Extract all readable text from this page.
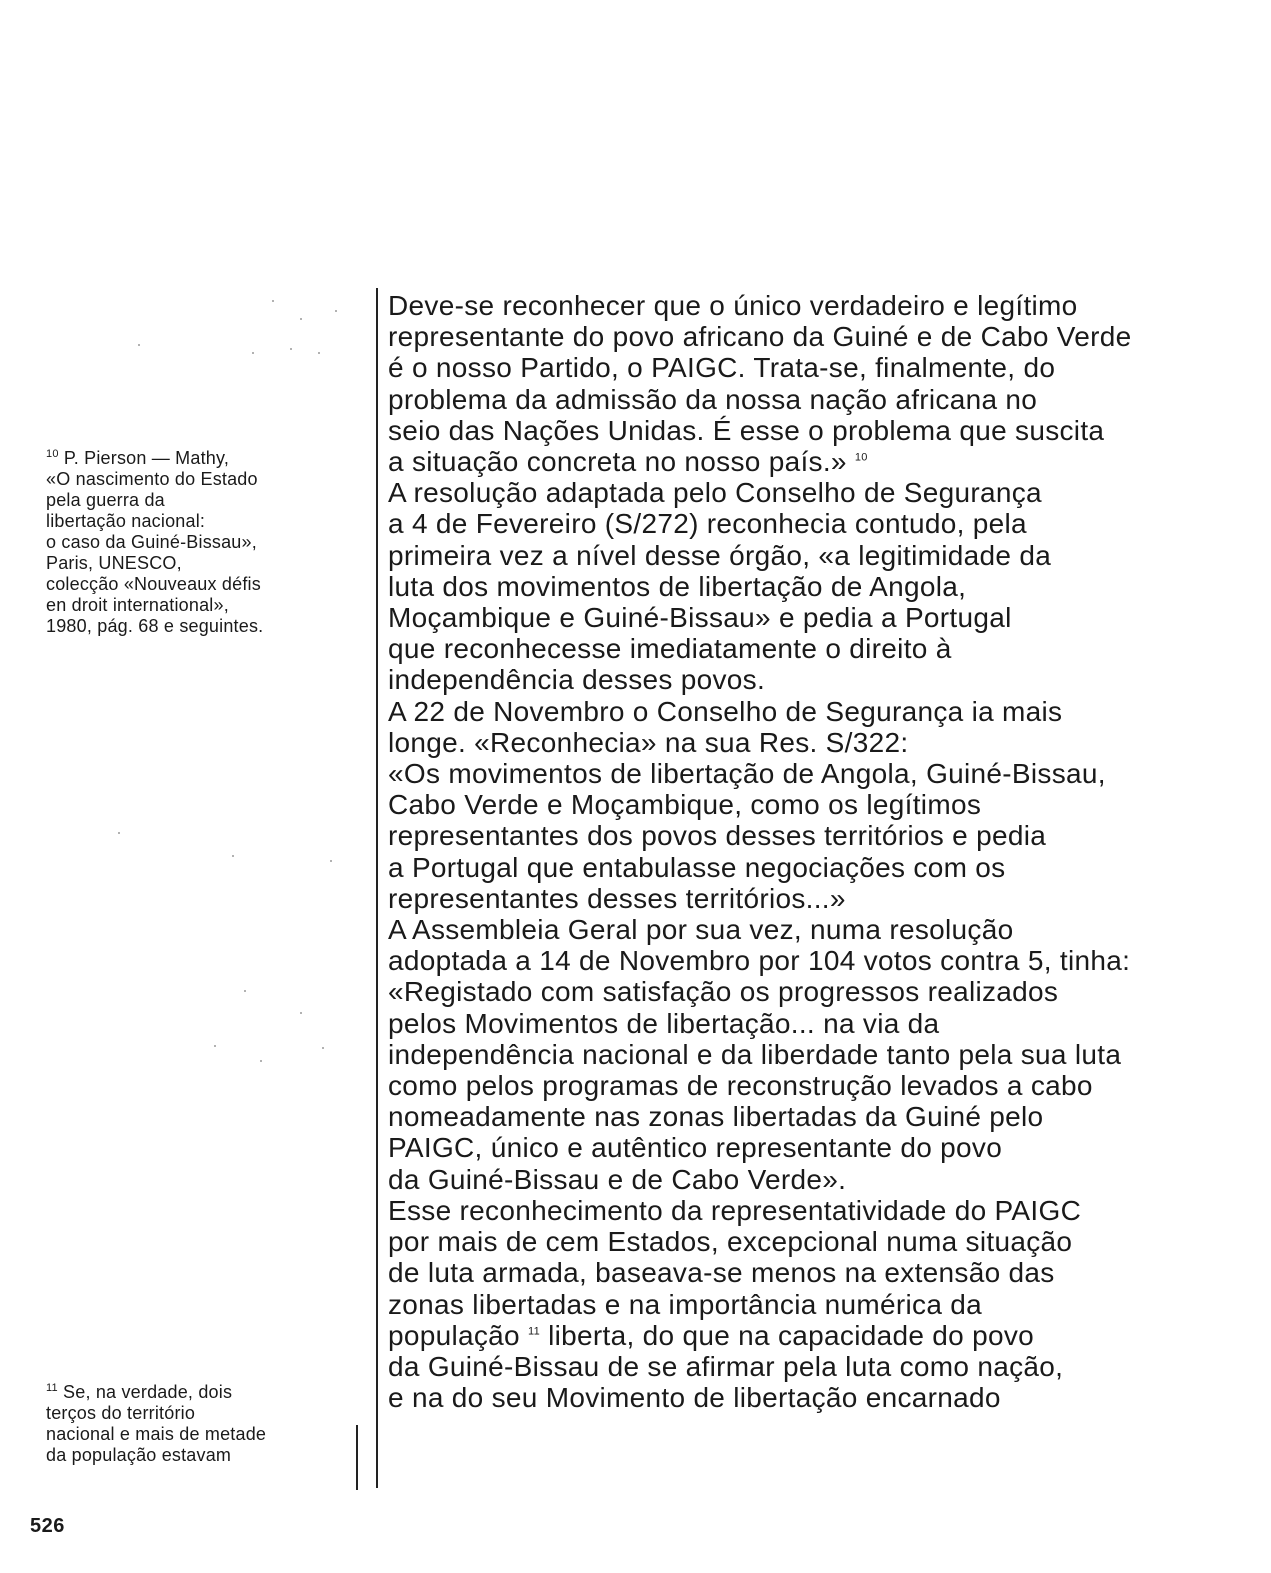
$^{10}$ P. Pierson — Mathy,
«O nascimento do Estado
pela guerra da
libertação nacional:
o caso da Guiné-Bissau»,
Paris, UNESCO,
colecção «Nouveaux défis
en droit international»,
1980, pág. 68 e seguintes.
$^{11}$ Se, na verdade, dois
terços do território
nacional e mais de metade
da população estavam

Deve-se reconhecer que o único verdadeiro e legítimo
representante do povo africano da Guiné e de Cabo Verde
é o nosso Partido, o PAIGC. Trata-se, finalmente, do
problema da admissão da nossa nação africana no
seio das Nações Unidas. É esse o problema que suscita
a situação concreta no nosso país.» $^{10}$

A resolução adaptada pelo Conselho de Segurança
a 4 de Fevereiro (S/272) reconhecia contudo, pela
primeira vez a nível desse órgão, «a legitimidade da
luta dos movimentos de libertação de Angola,
Moçambique e Guiné-Bissau» e pedia a Portugal
que reconhecesse imediatamente o direito à
independência desses povos.

A 22 de Novembro o Conselho de Segurança ia mais
longe. «Reconhecia» na sua Res. S/322:
«Os movimentos de libertação de Angola, Guiné-Bissau,
Cabo Verde e Moçambique, como os legítimos
representantes dos povos desses territórios e pedia
a Portugal que entabulasse negociações com os
representantes desses territórios...»

A Assembleia Geral por sua vez, numa resolução
adoptada a 14 de Novembro por 104 votos contra 5, tinha:
«Registado com satisfação os progressos realizados
pelos Movimentos de libertação... na via da
independência nacional e da liberdade tanto pela sua luta
como pelos programas de reconstrução levados a cabo
nomeadamente nas zonas libertadas da Guiné pelo
PAIGC, único e autêntico representante do povo
da Guiné-Bissau e de Cabo Verde».

Esse reconhecimento da representatividade do PAIGC
por mais de cem Estados, excepcional numa situação
de luta armada, baseava-se menos na extensão das
zonas libertadas e na importância numérica da
população $^{11}$ liberta, do que na capacidade do povo
da Guiné-Bissau de se afirmar pela luta como nação,
e na do seu Movimento de libertação encarnado

526
